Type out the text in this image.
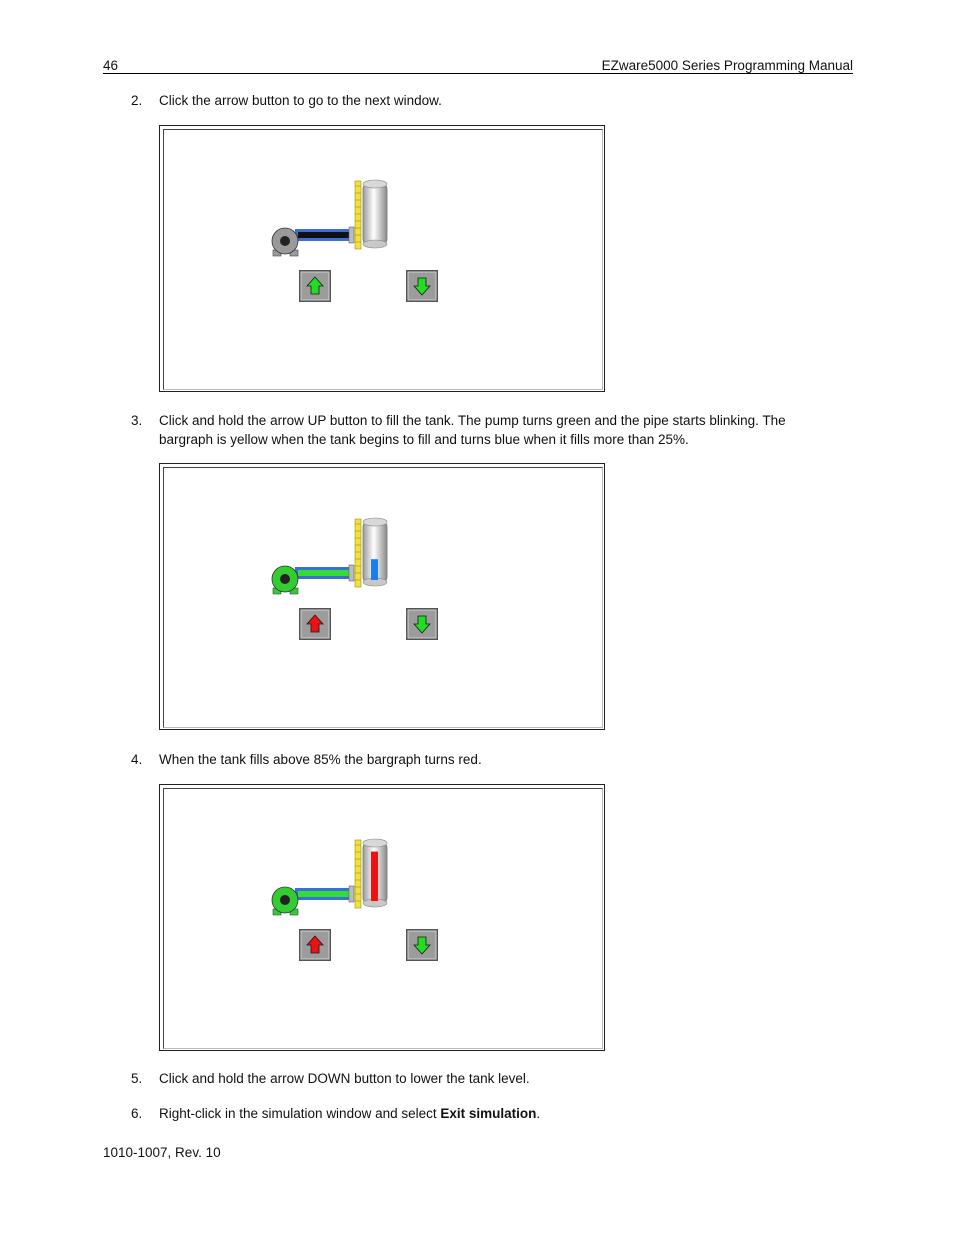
46	EZware5000 Series Programming Manual
2. Click the arrow button to go to the next window.
3. Click and hold the arrow UP button to fill the tank. The pump turns green and the pipe starts blinking. The bargraph is yellow when the tank begins to fill and turns blue when it fills more than 25%.
4. When the tank fills above 85% the bargraph turns red.
5. Click and hold the arrow DOWN button to lower the tank level.
6. Right-click in the simulation window and select Exit simulation.
1010-1007, Rev. 10
